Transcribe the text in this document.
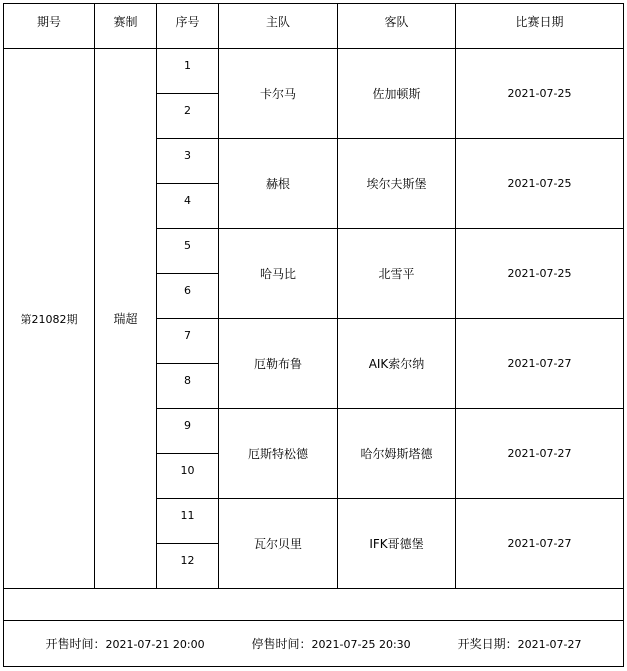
期号	赛制	序号	主队	客队	比赛日期
第21082期	瑞超	1	卡尔马	佐加顿斯	2021-07-25
		2			
		3	赫根	埃尔夫斯堡	2021-07-25
		4			
		5	哈马比	北雪平	2021-07-25
		6			
		7	厄勒布鲁	AIK索尔纳	2021-07-27
		8			
		9	厄斯特松德	哈尔姆斯塔德	2021-07-27
		10			
		11	瓦尔贝里	IFK哥德堡	2021-07-27
		12			

开售时间：2021-07-21 20:00 停售时间：2021-07-25 20:30 开奖日期：2021-07-27					
